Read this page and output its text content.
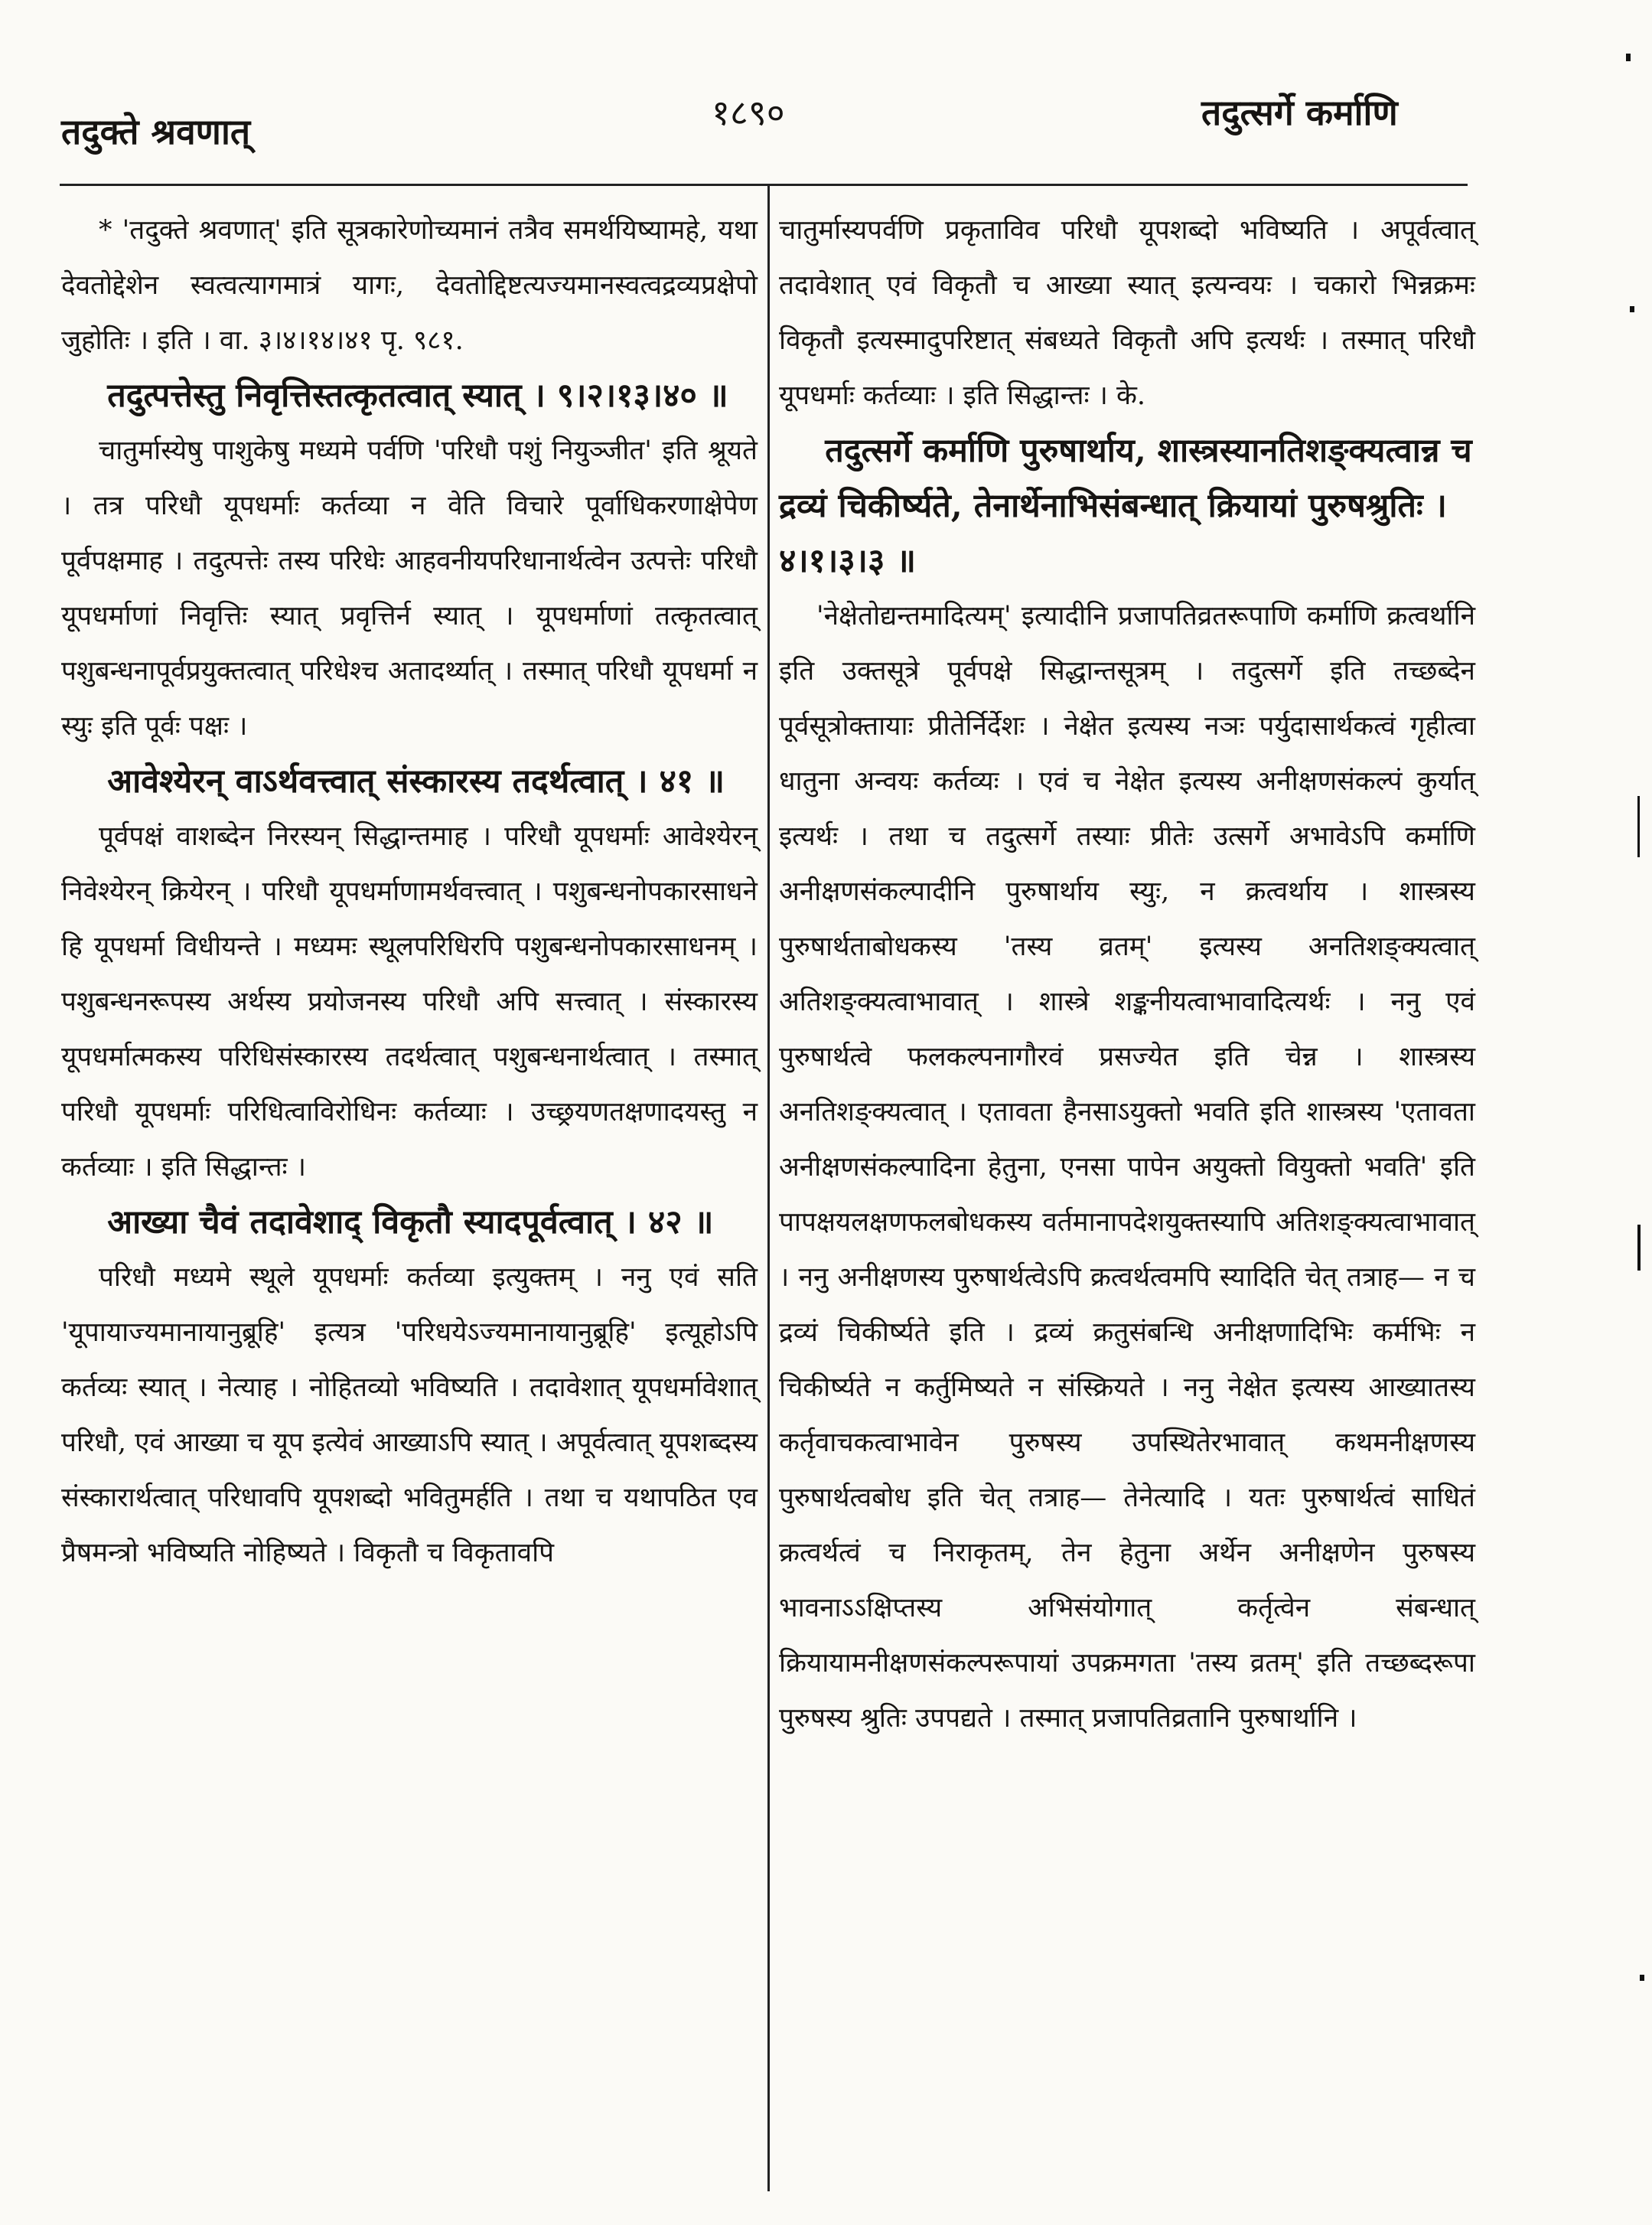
तदुक्ते श्रवणात्	१८९०	तदुत्सर्गे कर्माणि

* 'तदुक्ते श्रवणात्' इति सूत्रकारेणोच्यमानं तत्रैव समर्थयिष्यामहे, यथा देवतोद्देशेन स्वत्वत्यागमात्रं यागः, देवतोद्दिष्टत्यज्यमानस्वत्वद्रव्यप्रक्षेपो जुहोतिः । इति । वा. ३।४।१४।४१ पृ. ९८१.

तदुत्पत्तेस्तु निवृत्तिस्तत्कृतत्वात् स्यात् । ९।२।१३।४० ॥

चातुर्मास्येषु पाशुकेषु मध्यमे पर्वणि 'परिधौ पशुं नियुञ्जीत' इति श्रूयते । तत्र परिधौ यूपधर्माः कर्तव्या न वेति विचारे पूर्वाधिकरणाक्षेपेण पूर्वपक्षमाह । तदुत्पत्तेः तस्य परिधेः आहवनीयपरिधानार्थत्वेन उत्पत्तेः परिधौ यूपधर्माणां निवृत्तिः स्यात् प्रवृत्तिर्न स्यात् । यूपधर्माणां तत्कृतत्वात् पशुबन्धनापूर्वप्रयुक्तत्वात् परिधेश्च अतादर्थ्यात् । तस्मात् परिधौ यूपधर्मा न स्युः इति पूर्वः पक्षः ।

आवेश्येरन् वाऽर्थवत्त्वात् संस्कारस्य तदर्थत्वात् । ४१ ॥

पूर्वपक्षं वाशब्देन निरस्यन् सिद्धान्तमाह । परिधौ यूपधर्माः आवेश्येरन् निवेश्येरन् क्रियेरन् । परिधौ यूपधर्माणामर्थवत्त्वात् । पशुबन्धनोपकारसाधने हि यूपधर्मा विधीयन्ते । मध्यमः स्थूलपरिधिरपि पशुबन्धनोपकारसाधनम् । पशुबन्धनरूपस्य अर्थस्य प्रयोजनस्य परिधौ अपि सत्त्वात् । संस्कारस्य यूपधर्मात्मकस्य परिधिसंस्कारस्य तदर्थत्वात् पशुबन्धनार्थत्वात् । तस्मात् परिधौ यूपधर्माः परिधित्वाविरोधिनः कर्तव्याः । उच्छ्रयणतक्षणादयस्तु न कर्तव्याः । इति सिद्धान्तः ।

आख्या चैवं तदावेशाद् विकृतौ स्यादपूर्वत्वात् । ४२ ॥

परिधौ मध्यमे स्थूले यूपधर्माः कर्तव्या इत्युक्तम् । ननु एवं सति 'यूपायाज्यमानायानुब्रूहि' इत्यत्र 'परिधयेऽज्यमानायानुब्रूहि' इत्यूहोऽपि कर्तव्यः स्यात् । नेत्याह । नोहितव्यो भविष्यति । तदावेशात् यूपधर्मावेशात् परिधौ, एवं आख्या च यूप इत्येवं आख्याऽपि स्यात् । अपूर्वत्वात् यूपशब्दस्य संस्कारार्थत्वात् परिधावपि यूपशब्दो भवितुमर्हति । तथा च यथापठित एव प्रैषमन्त्रो भविष्यति नोहिष्यते । विकृतौ च विकृतावपि

चातुर्मास्यपर्वणि प्रकृताविव परिधौ यूपशब्दो भविष्यति । अपूर्वत्वात् तदावेशात् एवं विकृतौ च आख्या स्यात् इत्यन्वयः । चकारो भिन्नक्रमः विकृतौ इत्यस्मादुपरिष्टात् संबध्यते विकृतौ अपि इत्यर्थः । तस्मात् परिधौ यूपधर्माः कर्तव्याः । इति सिद्धान्तः । के.

तदुत्सर्गे कर्माणि पुरुषार्थाय, शास्त्रस्यानतिशङ्क्यत्वान्न च द्रव्यं चिकीर्ष्यते, तेनार्थेनाभिसंबन्धात् क्रियायां पुरुषश्रुतिः । ४।१।३।३ ॥

'नेक्षेतोद्यन्तमादित्यम्' इत्यादीनि प्रजापतिव्रतरूपाणि कर्माणि क्रत्वर्थानि इति उक्तसूत्रे पूर्वपक्षे सिद्धान्तसूत्रम् । तदुत्सर्गे इति तच्छब्देन पूर्वसूत्रोक्तायाः प्रीतेर्निर्देशः । नेक्षेत इत्यस्य नञः पर्युदासार्थकत्वं गृहीत्वा धातुना अन्वयः कर्तव्यः । एवं च नेक्षेत इत्यस्य अनीक्षणसंकल्पं कुर्यात् इत्यर्थः । तथा च तदुत्सर्गे तस्याः प्रीतेः उत्सर्गे अभावेऽपि कर्माणि अनीक्षणसंकल्पादीनि पुरुषार्थाय स्युः, न क्रत्वर्थाय । शास्त्रस्य पुरुषार्थताबोधकस्य 'तस्य व्रतम्' इत्यस्य अनतिशङ्क्यत्वात् अतिशङ्क्यत्वाभावात् । शास्त्रे शङ्कनीयत्वाभावादित्यर्थः । ननु एवं पुरुषार्थत्वे फलकल्पनागौरवं प्रसज्येत इति चेन्न । शास्त्रस्य अनतिशङ्क्यत्वात् । एतावता हैनसाऽयुक्तो भवति इति शास्त्रस्य 'एतावता अनीक्षणसंकल्पादिना हेतुना, एनसा पापेन अयुक्तो वियुक्तो भवति' इति पापक्षयलक्षणफलबोधकस्य वर्तमानापदेशयुक्तस्यापि अतिशङ्क्यत्वाभावात् । ननु अनीक्षणस्य पुरुषार्थत्वेऽपि क्रत्वर्थत्वमपि स्यादिति चेत् तत्राह— न च द्रव्यं चिकीर्ष्यते इति । द्रव्यं क्रतुसंबन्धि अनीक्षणादिभिः कर्मभिः न चिकीर्ष्यते न कर्तुमिष्यते न संस्क्रियते । ननु नेक्षेत इत्यस्य आख्यातस्य कर्तृवाचकत्वाभावेन पुरुषस्य उपस्थितेरभावात् कथमनीक्षणस्य पुरुषार्थत्वबोध इति चेत् तत्राह— तेनेत्यादि । यतः पुरुषार्थत्वं साधितं क्रत्वर्थत्वं च निराकृतम्, तेन हेतुना अर्थेन अनीक्षणेन पुरुषस्य भावनाऽऽक्षिप्तस्य अभिसंयोगात् कर्तृत्वेन संबन्धात् क्रियायामनीक्षणसंकल्परूपायां उपक्रमगता 'तस्य व्रतम्' इति तच्छब्दरूपा पुरुषस्य श्रुतिः उपपद्यते । तस्मात् प्रजापतिव्रतानि पुरुषार्थानि ।
